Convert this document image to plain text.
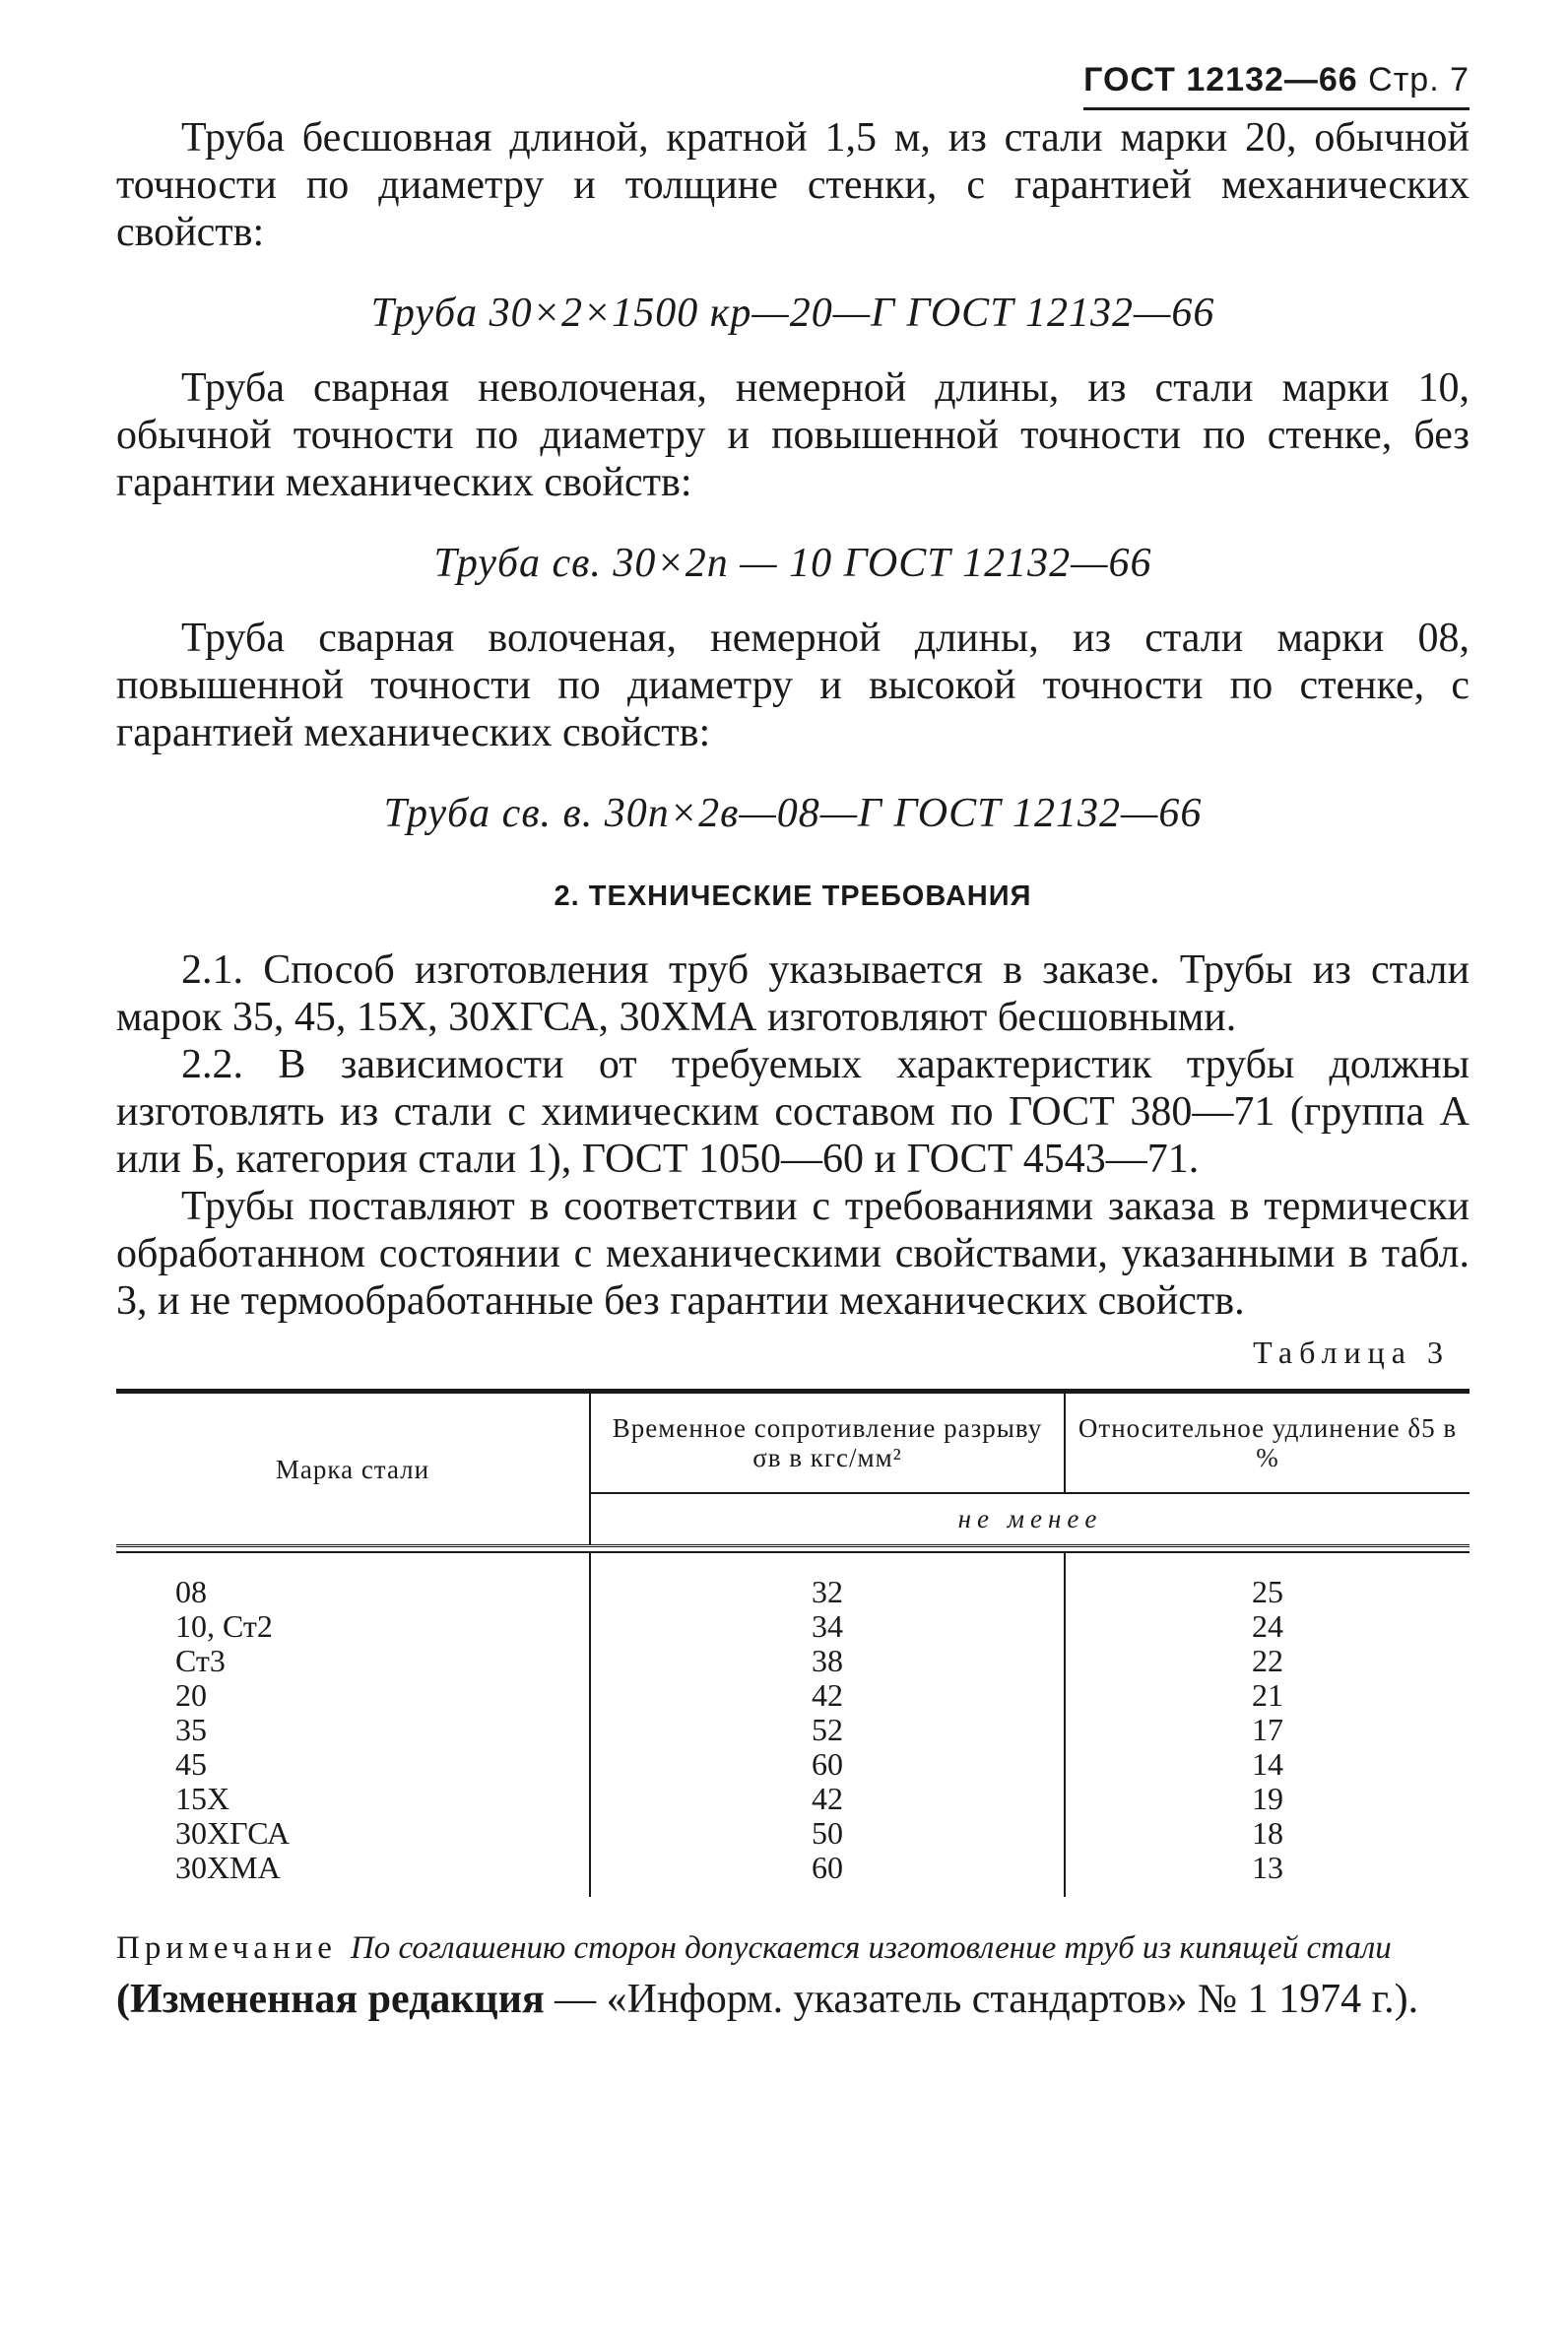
ГОСТ 12132—66 Стр. 7

Труба бесшовная длиной, кратной 1,5 м, из стали марки 20, обычной точности по диаметру и толщине стенки, с гарантией механических свойств:

Труба 30×2×1500 кр—20—Г ГОСТ 12132—66

Труба сварная неволоченая, немерной длины, из стали марки 10, обычной точности по диаметру и повышенной точности по стенке, без гарантии механических свойств:

Труба св. 30×2п — 10 ГОСТ 12132—66

Труба сварная волоченая, немерной длины, из стали марки 08, повышенной точности по диаметру и высокой точности по стенке, с гарантией механических свойств:

Труба св. в. 30п×2в—08—Г ГОСТ 12132—66
2. ТЕХНИЧЕСКИЕ ТРЕБОВАНИЯ

2.1. Способ изготовления труб указывается в заказе. Трубы из стали марок 35, 45, 15Х, 30ХГСА, 30ХМА изготовляют бесшовными.

2.2. В зависимости от требуемых характеристик трубы должны изготовлять из стали с химическим составом по ГОСТ 380—71 (группа А или Б, категория стали 1), ГОСТ 1050—60 и ГОСТ 4543—71.

Трубы поставляют в соответствии с требованиями заказа в термически обработанном состоянии с механическими свойствами, указанными в табл. 3, и не термообработанные без гарантии механических свойств.

Таблица 3

Марка стали	Временное сопротивление разрыву σв в кгс/мм²	Относительное удлинение δ5 в %
	не менее	

08	32	25
10, Ст2	34	24
Ст3	38	22
20	42	21
35	52	17
45	60	14
15Х	42	19
30ХГСА	50	18
30ХМА	60	13

Примечание По соглашению сторон допускается изготовление труб из кипящей стали

(Измененная редакция — «Информ. указатель стандартов» № 1 1974 г.).
